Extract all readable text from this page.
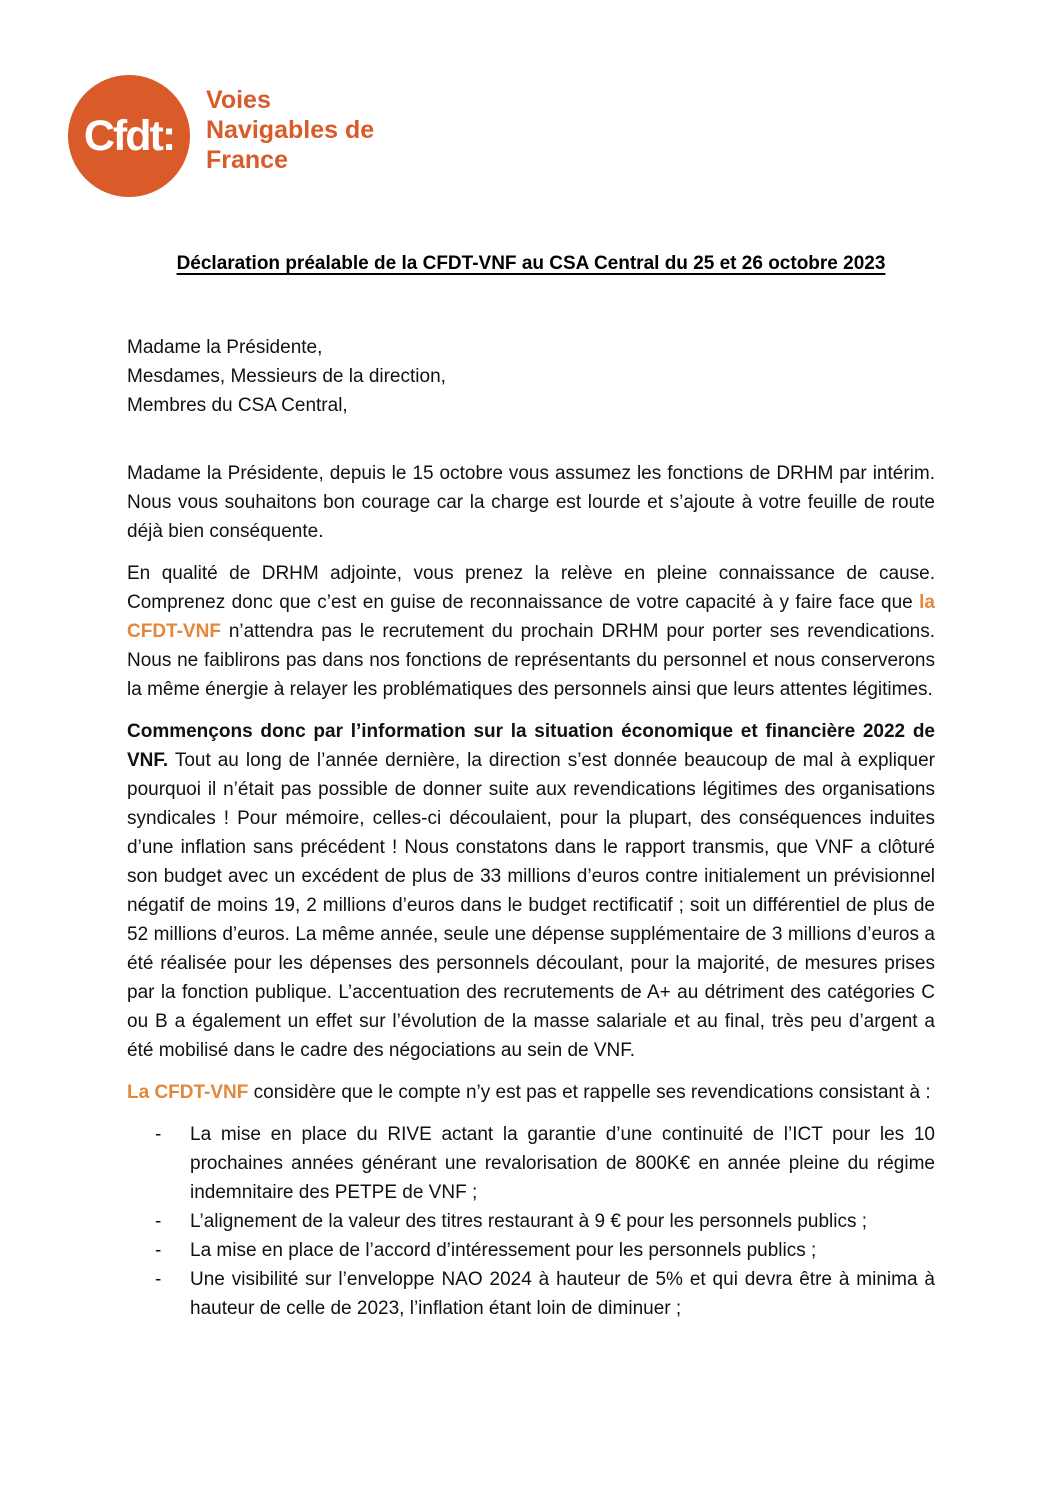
Cfdt:
Voies
Navigables de
France
Déclaration préalable de la CFDT-VNF au CSA Central du 25 et 26 octobre 2023
Madame la Présidente,
Mesdames, Messieurs de la direction,
Membres du CSA Central,

Madame la Présidente, depuis le 15 octobre vous assumez les fonctions de DRHM par intérim. Nous vous souhaitons bon courage car la charge est lourde et s’ajoute à votre feuille de route déjà bien conséquente.

En qualité de DRHM adjointe, vous prenez la relève en pleine connaissance de cause. Comprenez donc que c’est en guise de reconnaissance de votre capacité à y faire face que la CFDT-VNF n’attendra pas le recrutement du prochain DRHM pour porter ses revendications. Nous ne faiblirons pas dans nos fonctions de représentants du personnel et nous conserverons la même énergie à relayer les problématiques des personnels ainsi que leurs attentes légitimes.

Commençons donc par l’information sur la situation économique et financière 2022 de VNF. Tout au long de l’année dernière, la direction s’est donnée beaucoup de mal à expliquer pourquoi il n’était pas possible de donner suite aux revendications légitimes des organisations syndicales ! Pour mémoire, celles-ci découlaient, pour la plupart, des conséquences induites d’une inflation sans précédent ! Nous constatons dans le rapport transmis, que VNF a clôturé son budget avec un excédent de plus de 33 millions d’euros contre initialement un prévisionnel négatif de moins 19, 2 millions d’euros dans le budget rectificatif ; soit un différentiel de plus de 52 millions d’euros. La même année, seule une dépense supplémentaire de 3 millions d’euros a été réalisée pour les dépenses des personnels découlant, pour la majorité, de mesures prises par la fonction publique. L’accentuation des recrutements de A+ au détriment des catégories C ou B a également un effet sur l’évolution de la masse salariale et au final, très peu d’argent a été mobilisé dans le cadre des négociations au sein de VNF.

La CFDT-VNF considère que le compte n’y est pas et rappelle ses revendications consistant à :

-	La mise en place du RIVE actant la garantie d’une continuité de l’ICT pour les 10 prochaines années générant une revalorisation de 800K€ en année pleine du régime indemnitaire des PETPE de VNF ;
-	L’alignement de la valeur des titres restaurant à 9 € pour les personnels publics ;
-	La mise en place de l’accord d’intéressement pour les personnels publics ;
-	Une visibilité sur l’enveloppe NAO 2024 à hauteur de 5% et qui devra être à minima à hauteur de celle de 2023, l’inflation étant loin de diminuer ;
